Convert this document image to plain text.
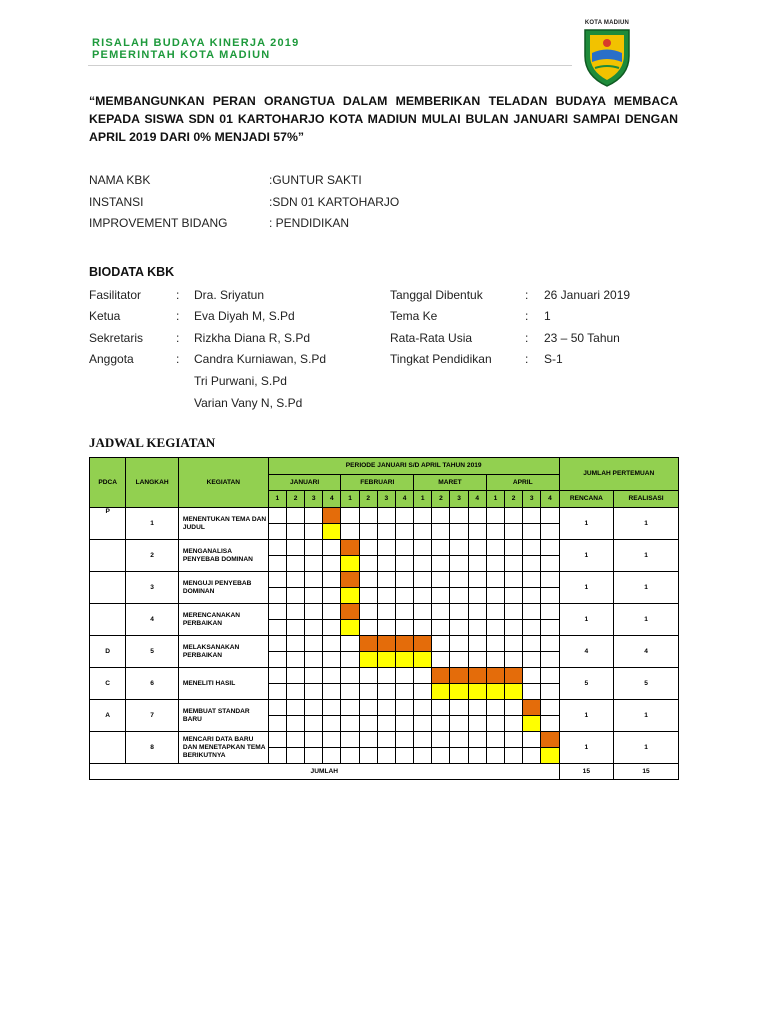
RISALAH BUDAYA KINERJA 2019
PEMERINTAH KOTA MADIUN
KOTA MADIUN
“MEMBANGUNKAN PERAN ORANGTUA DALAM MEMBERIKAN TELADAN BUDAYA MEMBACA KEPADA SISWA SDN 01 KARTOHARJO KOTA MADIUN MULAI BULAN JANUARI SAMPAI DENGAN APRIL 2019 DARI 0% MENJADI 57%”
NAMA KBK	:GUNTUR SAKTI
INSTANSI	:SDN 01 KARTOHARJO
IMPROVEMENT BIDANG	: PENDIDIKAN
BIODATA KBK
Fasilitator	: Dra. Sriyatun
Ketua	: Eva Diyah M, S.Pd
Sekretaris	: Rizkha Diana R, S.Pd
Anggota	: Candra Kurniawan, S.Pd
Tri Purwani, S.Pd
Varian Vany N, S.Pd
Tanggal Dibentuk	: 26 Januari 2019
Tema Ke	: 1
Rata-Rata Usia	: 23 – 50 Tahun
Tingkat Pendidikan	: S-1
JADWAL KEGIATAN
PDCA	LANGKAH	KEGIATAN	PERIODE JANUARI S/D APRIL TAHUN 2019																JUMLAH PERTEMUAN	
			JANUARI				FEBRUARI				MARET				APRIL					
			1	2	3	4	1	2	3	4	1	2	3	4	1	2	3	4	RENCANA	REALISASI
P	1	MENENTUKAN TEMA DAN JUDUL																	1	1

	2	MENGANALISA PENYEBAB DOMINAN																	1	1

	3	MENGUJI PENYEBAB DOMINAN																	1	1

	4	MERENCANAKAN PERBAIKAN																	1	1

D	5	MELAKSANAKAN PERBAIKAN																	4	4

C	6	MENELITI HASIL																	5	5

A	7	MEMBUAT STANDAR BARU																	1	1

	8	MENCARI DATA BARU DAN MENETAPKAN TEMA BERIKUTNYA																	1	1

JUMLAH																			15	15
